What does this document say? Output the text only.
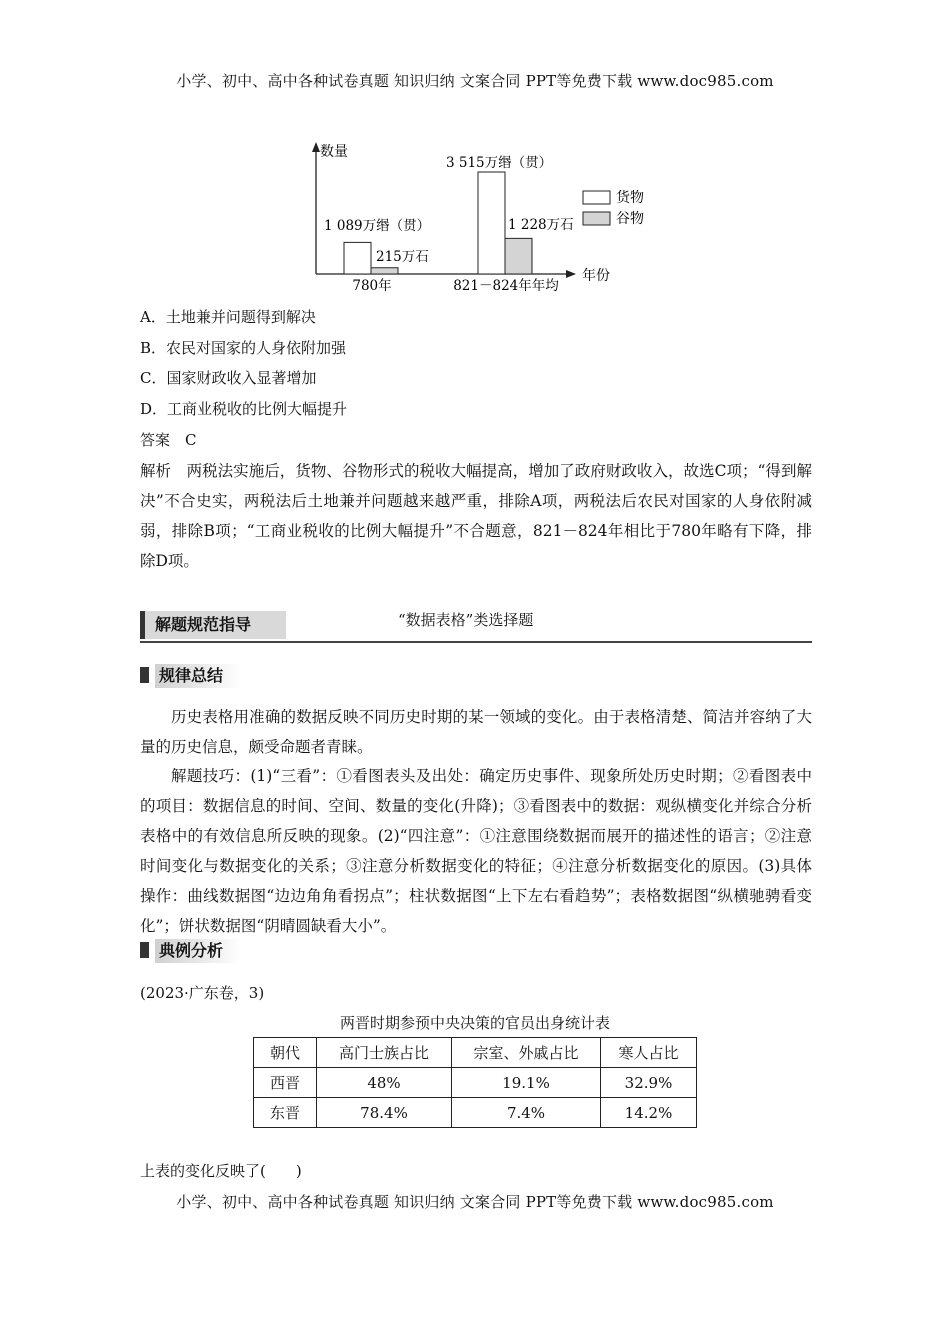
小学、初中、高中各种试卷真题 知识归纳 文案合同 PPT等免费下载 www.doc985.com
数量
年份
1 089万缗（贯）
215万石
3 515万缗（贯）
1 228万石
780年	821－824年年均
货物
谷物
A．土地兼并问题得到解决
B．农民对国家的人身依附加强
C．国家财政收入显著增加
D．工商业税收的比例大幅提升
答案　C
解析　两税法实施后，货物、谷物形式的税收大幅提高，增加了政府财政收入，故选C项；“得到解决”不合史实，两税法后土地兼并问题越来越严重，排除A项，两税法后农民对国家的人身依附减弱，排除B项；“工商业税收的比例大幅提升”不合题意，821－824年相比于780年略有下降，排除D项。
解题规范指导	“数据表格”类选择题
规律总结
历史表格用准确的数据反映不同历史时期的某一领域的变化。由于表格清楚、简洁并容纳了大量的历史信息，颇受命题者青睐。
解题技巧：(1)“三看”：①看图表头及出处：确定历史事件、现象所处历史时期；②看图表中的项目：数据信息的时间、空间、数量的变化(升降)；③看图表中的数据：观纵横变化并综合分析表格中的有效信息所反映的现象。(2)“四注意”：①注意围绕数据而展开的描述性的语言；②注意时间变化与数据变化的关系；③注意分析数据变化的特征；④注意分析数据变化的原因。(3)具体操作：曲线数据图“边边角角看拐点”；柱状数据图“上下左右看趋势”；表格数据图“纵横驰骋看变化”；饼状数据图“阴晴圆缺看大小”。
典例分析
(2023·广东卷，3)
两晋时期参预中央决策的官员出身统计表
朝代	高门士族占比	宗室、外戚占比	寒人占比
西晋	48%	19.1%	32.9%
东晋	78.4%	7.4%	14.2%
上表的变化反映了(　　)
小学、初中、高中各种试卷真题 知识归纳 文案合同 PPT等免费下载 www.doc985.com
